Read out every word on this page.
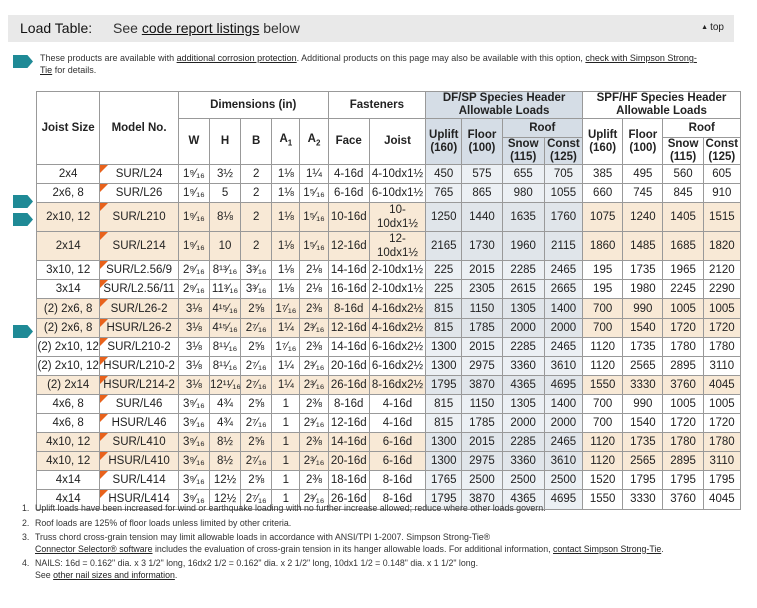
Load Table: See code report listings below	▲ top
These products are available with additional corrosion protection. Additional products on this page may also be available with this option, check with Simpson Strong-Tie for details.
Joist Size	Model No.	Dimensions (in)					Fasteners		DF/SP Species Header Allowable Loads				SPF/HF Species Header Allowable Loads			
		W	H	B	$A_1$	$A_2$	Face	Joist	Uplift (160)	Floor (100)	Roof		Uplift (160)	Floor (100)	Roof	
											Snow (115)	Const (125)			Snow (115)	Const (125)
2x4	SUR/L24	1⁹⁄₁₆	3½	2	1⅛	1¼	4-16d	4-10dx1½	450	575	655	705	385	495	560	605
2x6, 8	SUR/L26	1⁹⁄₁₆	5	2	1⅛	1⁵⁄₁₆	6-16d	6-10dx1½	765	865	980	1055	660	745	845	910
2x10, 12	SUR/L210	1⁹⁄₁₆	8⅛	2	1⅛	1⁵⁄₁₆	10-16d	10-10dx1½	1250	1440	1635	1760	1075	1240	1405	1515
2x14	SUR/L214	1⁹⁄₁₆	10	2	1⅛	1⁵⁄₁₆	12-16d	12-10dx1½	2165	1730	1960	2115	1860	1485	1685	1820
3x10, 12	SUR/L2.56/9	2⁹⁄₁₆	8¹³⁄₁₆	3³⁄₁₆	1⅛	2⅛	14-16d	2-10dx1½	225	2015	2285	2465	195	1735	1965	2120
3x14	SUR/L2.56/11	2⁹⁄₁₆	11³⁄₁₆	3³⁄₁₆	1⅛	2⅛	16-16d	2-10dx1½	225	2305	2615	2665	195	1980	2245	2290
(2) 2x6, 8	SUR/L26-2	3⅛	4¹⁵⁄₁₆	2⅝	1⁷⁄₁₆	2⅜	8-16d	4-16dx2½	815	1150	1305	1400	700	990	1005	1005
(2) 2x6, 8	HSUR/L26-2	3⅛	4¹⁵⁄₁₆	2⁷⁄₁₆	1¼	2³⁄₁₆	12-16d	4-16dx2½	815	1785	2000	2000	700	1540	1720	1720
(2) 2x10, 12	SUR/L210-2	3⅛	8¹¹⁄₁₆	2⅝	1⁷⁄₁₆	2⅜	14-16d	6-16dx2½	1300	2015	2285	2465	1120	1735	1780	1780
(2) 2x10, 12	HSUR/L210-2	3⅛	8¹¹⁄₁₆	2⁷⁄₁₆	1¼	2³⁄₁₆	20-16d	6-16dx2½	1300	2975	3360	3610	1120	2565	2895	3110
(2) 2x14	HSUR/L214-2	3⅛	12¹¹⁄₁₆	2⁷⁄₁₆	1¼	2³⁄₁₆	26-16d	8-16dx2½	1795	3870	4365	4695	1550	3330	3760	4045
4x6, 8	SUR/L46	3⁹⁄₁₆	4¾	2⅝	1	2⅜	8-16d	4-16d	815	1150	1305	1400	700	990	1005	1005
4x6, 8	HSUR/L46	3⁹⁄₁₆	4¾	2⁷⁄₁₆	1	2³⁄₁₆	12-16d	4-16d	815	1785	2000	2000	700	1540	1720	1720
4x10, 12	SUR/L410	3⁹⁄₁₆	8½	2⅝	1	2⅜	14-16d	6-16d	1300	2015	2285	2465	1120	1735	1780	1780
4x10, 12	HSUR/L410	3⁹⁄₁₆	8½	2⁷⁄₁₆	1	2³⁄₁₆	20-16d	6-16d	1300	2975	3360	3610	1120	2565	2895	3110
4x14	SUR/L414	3⁹⁄₁₆	12½	2⅝	1	2⅜	18-16d	8-16d	1765	2500	2500	2500	1520	1795	1795	1795
4x14	HSUR/L414	3⁹⁄₁₆	12½	2⁷⁄₁₆	1	2³⁄₁₆	26-16d	8-16d	1795	3870	4365	4695	1550	3330	3760	4045
1. Uplift loads have been increased for wind or earthquake loading with no further increase allowed; reduce where other loads govern.
2. Roof loads are 125% of floor loads unless limited by other criteria.
3. Truss chord cross-grain tension may limit allowable loads in accordance with ANSI/TPI 1-2007. Simpson Strong-Tie®
Connector Selector® software includes the evaluation of cross-grain tension in its hanger allowable loads. For additional information, contact Simpson Strong-Tie.
4. NAILS: 16d = 0.162" dia. x 3 1/2" long, 16dx2 1/2 = 0.162" dia. x 2 1/2" long, 10dx1 1/2 = 0.148" dia. x 1 1/2" long.
See other nail sizes and information.
